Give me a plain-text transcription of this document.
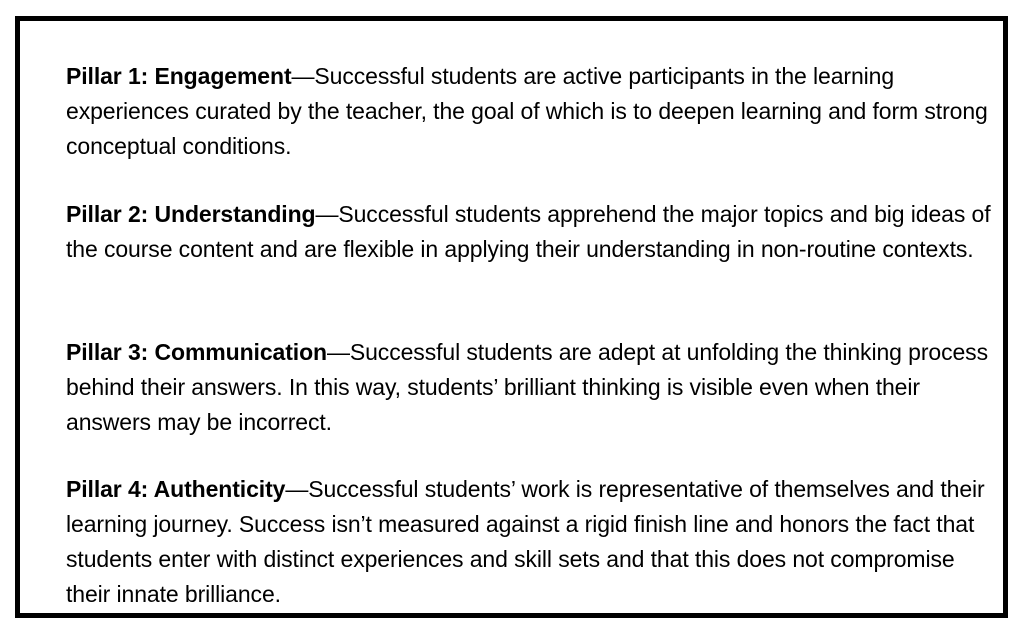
Pillar 1: Engagement—Successful students are active participants in the learning experiences curated by the teacher, the goal of which is to deepen learning and form strong conceptual conditions.

Pillar 2: Understanding—Successful students apprehend the major topics and big ideas of the course content and are flexible in applying their understanding in non-routine contexts.

Pillar 3: Communication—Successful students are adept at unfolding the thinking process behind their answers. In this way, students’ brilliant thinking is visible even when their answers may be incorrect.

Pillar 4: Authenticity—Successful students’ work is representative of themselves and their learning journey. Success isn’t measured against a rigid finish line and honors the fact that students enter with distinct experiences and skill sets and that this does not compromise their innate brilliance.
